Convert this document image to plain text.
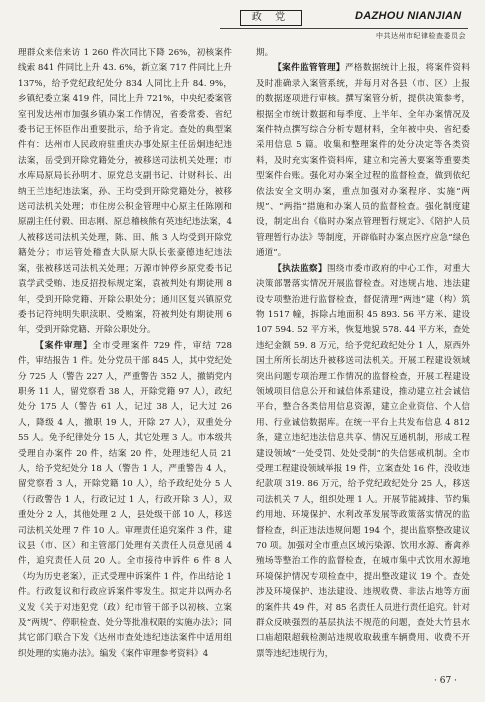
政 党	DAZHOU NIANJIAN
中共达州市纪律检查委员会

理群众来信来访 1 260 件次同比下降 26%，初核案件线索 841 件同比上升 43. 6%，新立案 717 件同比上升 137%，给予党纪政纪处分 834 人同比上升 84. 9%，乡镇纪委立案 419 件，同比上升 721%，中央纪委案管室刊发达州市加强乡镇办案工作情况，省委常委、省纪委书记王怀臣作出重要批示，给予肯定。查处的典型案件有：达州市人民政府驻重庆办事处原主任岳炯违纪违法案，岳受到开除党籍处分，被移送司法机关处理；市水库局原局长孙明才、原党总支副书记、计财科长、出纳王兰违纪违法案，孙、王均受到开除党籍处分，被移送司法机关处理；市住房公积金管理中心原主任陈刚和原副主任付毅、田志刚、原总稽核熊有英违纪违法案，4 人被移送司法机关处理，陈、田、熊 3 人均受到开除党籍处分；市运管处稽查大队原大队长张豪德违纪违法案，张被移送司法机关处理；万源市钟停乡原党委书记袁学武受贿、违反招投标规定案，袁被判处有期徒刑 8 年，受到开除党籍、开除公职处分；通川区复兴镇原党委书记符纯明失职渎职、受贿案，符被判处有期徒刑 6 年，受到开除党籍、开除公职处分。

【案件审理】全市受理案件 729 件，审结 728 件，审结报告 1 件。处分党员干部 845 人，其中党纪处分 725 人（警告 227 人，严重警告 352 人，撤销党内职务 11 人，留党察看 38 人，开除党籍 97 人），政纪处分 175 人（警告 61 人，记过 38 人，记大过 26 人，降级 4 人，撤职 19 人，开除 27 人），双重处分 55 人。免予纪律处分 15 人，其它处理 3 人。市本级共受理自办案件 20 件，结案 20 件，处理违纪人员 21 人，给予党纪处分 18 人（警告 1 人，严重警告 4 人，留党察看 3 人，开除党籍 10 人），给予政纪处分 5 人（行政警告 1 人，行政记过 1 人，行政开除 3 人），双重处分 2 人，其他处理 2 人，县处级干部 10 人，移送司法机关处理 7 件 10 人。审理责任追究案件 3 件，建议县（市、区）和主管部门处理有关责任人员意见函 4 件，追究责任人员 20 人。全市接待申诉件 6 件 8 人（均为历史老案），正式受理申诉案件 1 件，作出结论 1 件。行政复议和行政应诉案件零发生。拟定并以两办名义发《关于对违犯党（政）纪市管干部予以初核、立案及“两规”、停职检查、处分等批准权限的实施办法》；同其它部门联合下发《达州市查处违纪违法案件中适用组织处理的实施办法》。编发《案件审理参考资料》4

期。

【案件监管管理】严格数据统计上报，将案件资料及时准确录入案管系统，并每月对各县（市、区）上报的数据逐项进行审核。撰写案管分析，提供决策参考，根据全市统计数据和每季度、上半年、全年办案情况及案件特点撰写综合分析专题材料，全年被中央、省纪委采用信息 5 篇。收集和整理案件的处分决定等各类资料，及时充实案件资料库，建立和完善大要案等重要类型案件台账。强化对办案全过程的监督检查，做到依纪依法安全文明办案，重点加强对办案程序、实施“两规”、“两指”措施和办案人员的监督检查。强化制度建设，制定出台《临时办案点管理暂行规定》、《陪护人员管理暂行办法》等制度，开辟临时办案点医疗应急“绿色通道”。

【执法监察】围绕市委市政府的中心工作，对重大决策部署落实情况开展监督检查。对违规占地、违法建设专项整治进行监督检查，督促清理“两违”建（构）筑物 1517 幢，拆除占地面积 45 893. 56 平方米、建设 107 594. 52 平方米，恢复地貌 578. 44 平方米，查处违纪金额 59. 8 万元，给予党纪政纪处分 1 人，原西外国土所所长胡达升被移送司法机关。开展工程建设领域突出问题专项治理工作情况的监督检查，开展工程建设领域项目信息公开和诚信体系建设，推动建立社会诚信平台，整合各类信用信息资源，建立企业资信、个人信用、行业诚信数据库。在统一平台上共发布信息 4 812 条，建立违纪违法信息共享、情况互通机制，形成工程建设领域“一处受罚、处处受制”的失信惩戒机制。全市受理工程建设领域举报 19 件，立案查处 16 件，没收违纪款项 319. 86 万元，给予党纪政纪处分 25 人，移送司法机关 7 人，组织处理 1 人。开展节能减排、节约集约用地、环境保护、水利改革发展等政策落实情况的监督检查，纠正违法违规问题 194 个，提出监察整改建议 70 项。加强对全市重点区域污染源、饮用水源、畜禽养殖场等整治工作的监督检查，在城市集中式饮用水源地环境保护情况专项检查中，提出整改建议 19 个。查处涉及环境保护、违法建设、违规收费、非法占地等方面的案件共 49 件，对 85 名责任人员进行责任追究。针对群众反映强烈的基层执法不规范的问题，查处大竹县水口庙超限超载检测站违规收取载重车辆费用、收费不开票等违纪违规行为，

· 67 ·
